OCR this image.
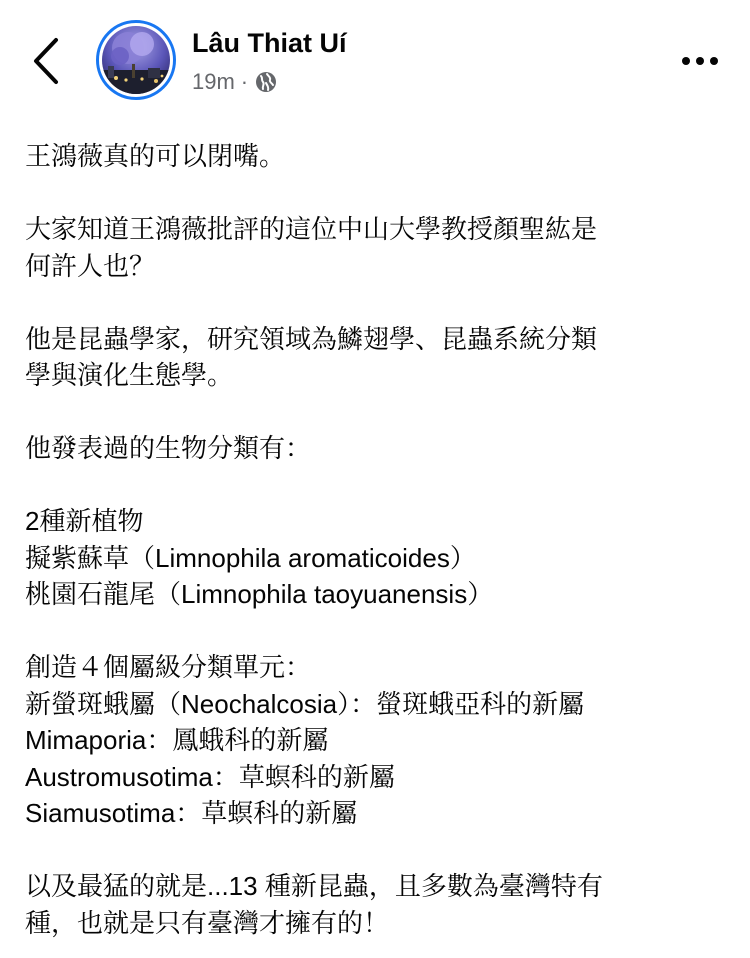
Lâu Thiat Uí
19m ·

王鴻薇真的可以閉嘴。

大家知道王鴻薇批評的這位中山大學教授顏聖紘是

何許人也？

他是昆蟲學家，研究領域為鱗翅學、昆蟲系統分類

學與演化生態學。

他發表過的生物分類有：

2種新植物

擬紫蘇草（Limnophila aromaticoides）

桃園石龍尾（Limnophila taoyuanensis）

創造４個屬級分類單元：

新螢斑蛾屬（Neochalcosia）：螢斑蛾亞科的新屬

Mimaporia：鳳蛾科的新屬

Austromusotima：草螟科的新屬

Siamusotima：草螟科的新屬

以及最猛的就是...13 種新昆蟲，且多數為臺灣特有

種，也就是只有臺灣才擁有的！
